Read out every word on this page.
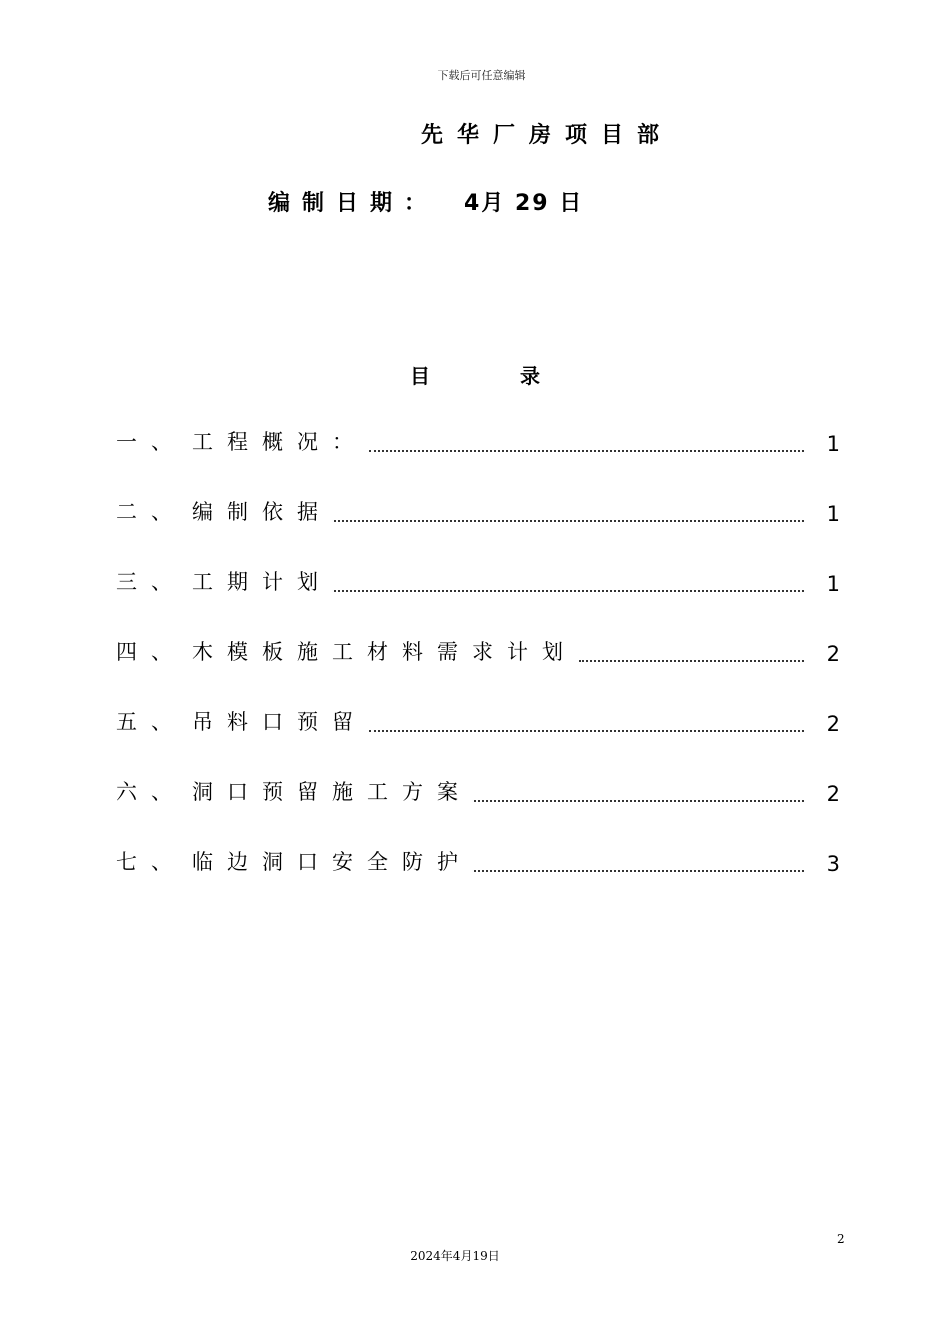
下载后可任意编辑
先华厂房项目部
编制日期： 4月 29 日
目	录
一、 工程概况：	1
二、 编制依据	1
三、 工期计划	1
四、 木模板施工材料需求计划	2
五、 吊料口预留	2
六、 洞口预留施工方案	2
七、 临边洞口安全防护	3
2
2024年4月19日
